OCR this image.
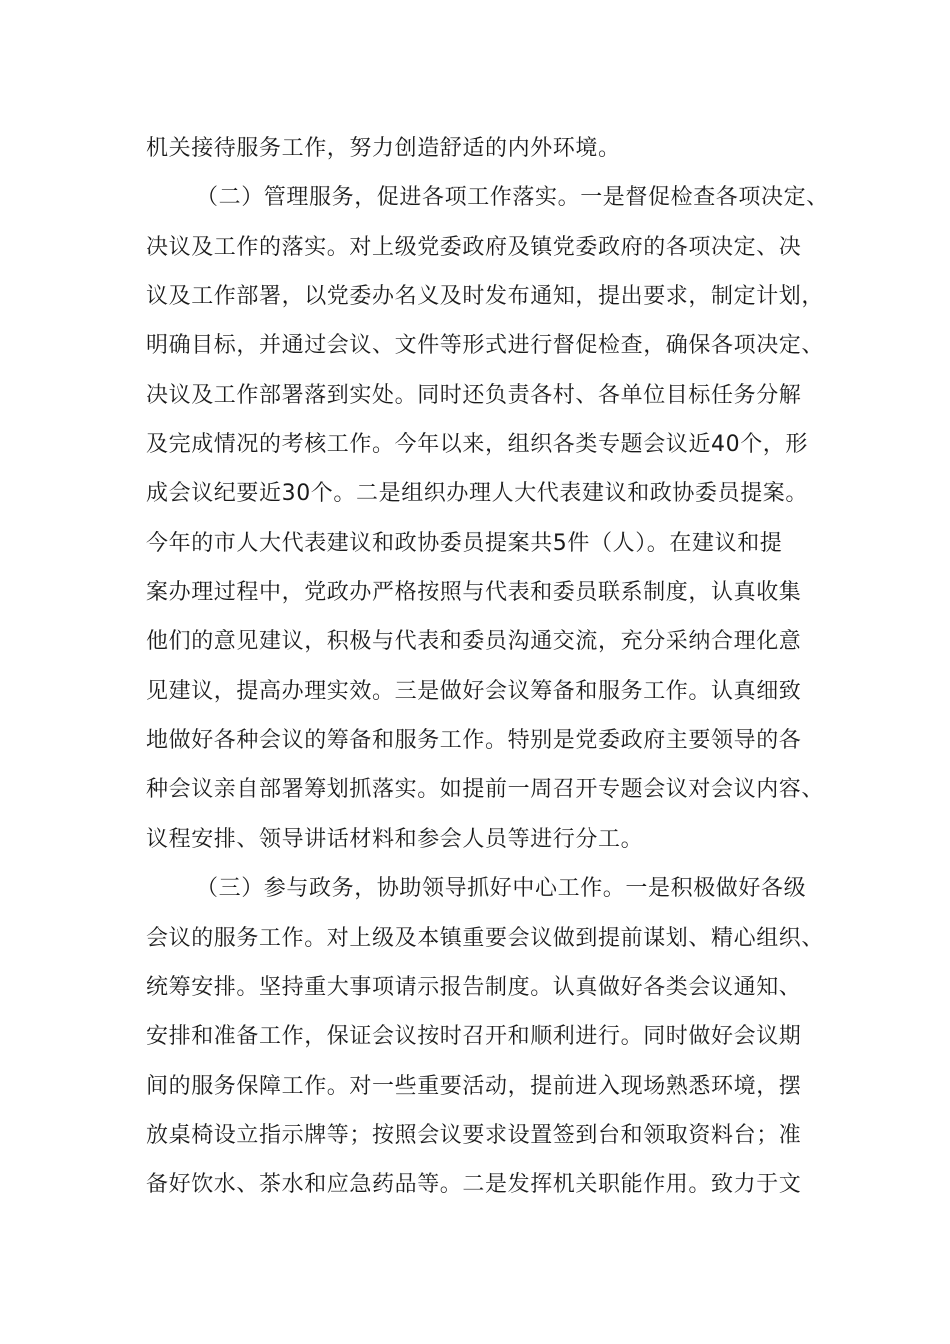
机关接待服务工作，努力创造舒适的内外环境。
（二）管理服务，促进各项工作落实。一是督促检查各项决定、
决议及工作的落实。对上级党委政府及镇党委政府的各项决定、决
议及工作部署，以党委办名义及时发布通知，提出要求，制定计划，
明确目标，并通过会议、文件等形式进行督促检查，确保各项决定、
决议及工作部署落到实处。同时还负责各村、各单位目标任务分解
及完成情况的考核工作。今年以来，组织各类专题会议近40个，形
成会议纪要近30个。二是组织办理人大代表建议和政协委员提案。
今年的市人大代表建议和政协委员提案共5件（人）。在建议和提
案办理过程中，党政办严格按照与代表和委员联系制度，认真收集
他们的意见建议，积极与代表和委员沟通交流，充分采纳合理化意
见建议，提高办理实效。三是做好会议筹备和服务工作。认真细致
地做好各种会议的筹备和服务工作。特别是党委政府主要领导的各
种会议亲自部署筹划抓落实。如提前一周召开专题会议对会议内容、
议程安排、领导讲话材料和参会人员等进行分工。
（三）参与政务，协助领导抓好中心工作。一是积极做好各级
会议的服务工作。对上级及本镇重要会议做到提前谋划、精心组织、
统筹安排。坚持重大事项请示报告制度。认真做好各类会议通知、
安排和准备工作，保证会议按时召开和顺利进行。同时做好会议期
间的服务保障工作。对一些重要活动，提前进入现场熟悉环境，摆
放桌椅设立指示牌等；按照会议要求设置签到台和领取资料台；准
备好饮水、茶水和应急药品等。二是发挥机关职能作用。致力于文
